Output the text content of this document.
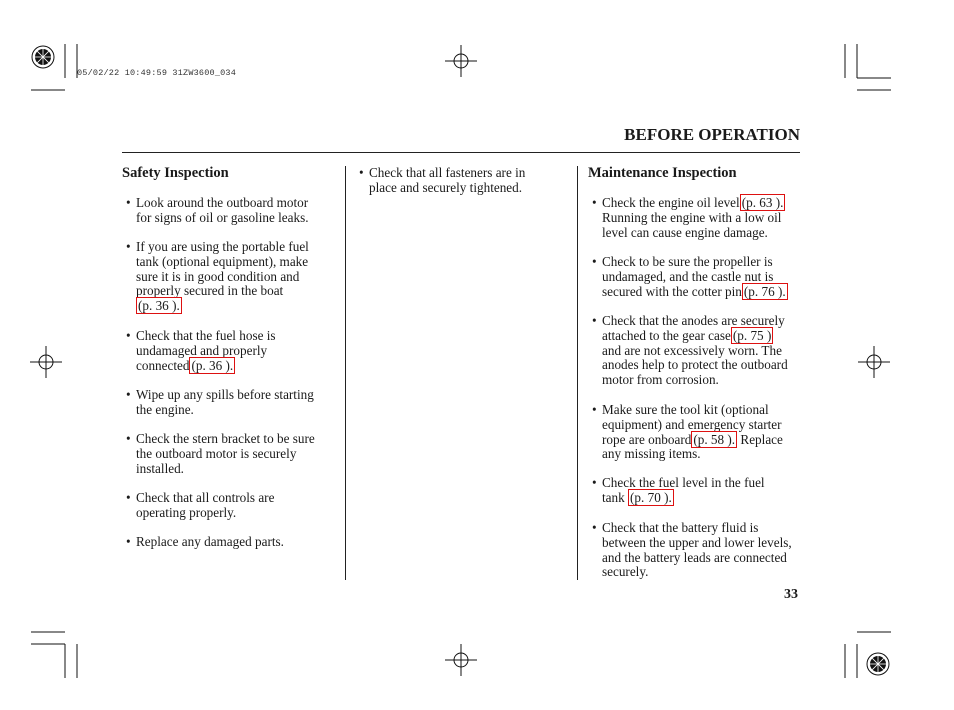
05/02/22 10:49:59 31ZW3600_034
BEFORE OPERATION
Safety Inspection
• Look around the outboard motor
for signs of oil or gasoline leaks.
• If you are using the portable fuel
tank (optional equipment), make
sure it is in good condition and
properly secured in the boat
(p. 36 ).
• Check that the fuel hose is
undamaged and properly
connected (p. 36 ).
• Wipe up any spills before starting
the engine.
• Check the stern bracket to be sure
the outboard motor is securely
installed.
• Check that all controls are
operating properly.
• Replace any damaged parts.
• Check that all fasteners are in
place and securely tightened.
Maintenance Inspection
• Check the engine oil level (p. 63 ).
Running the engine with a low oil
level can cause engine damage.
• Check to be sure the propeller is
undamaged, and the castle nut is
secured with the cotter pin (p. 76 ).
• Check that the anodes are securely
attached to the gear case (p. 75 )
and are not excessively worn. The
anodes help to protect the outboard
motor from corrosion.
• Make sure the tool kit (optional
equipment) and emergency starter
rope are onboard (p. 58 ). Replace
any missing items.
• Check the fuel level in the fuel
tank (p. 70 ).
• Check that the battery fluid is
between the upper and lower levels,
and the battery leads are connected
securely.
33
